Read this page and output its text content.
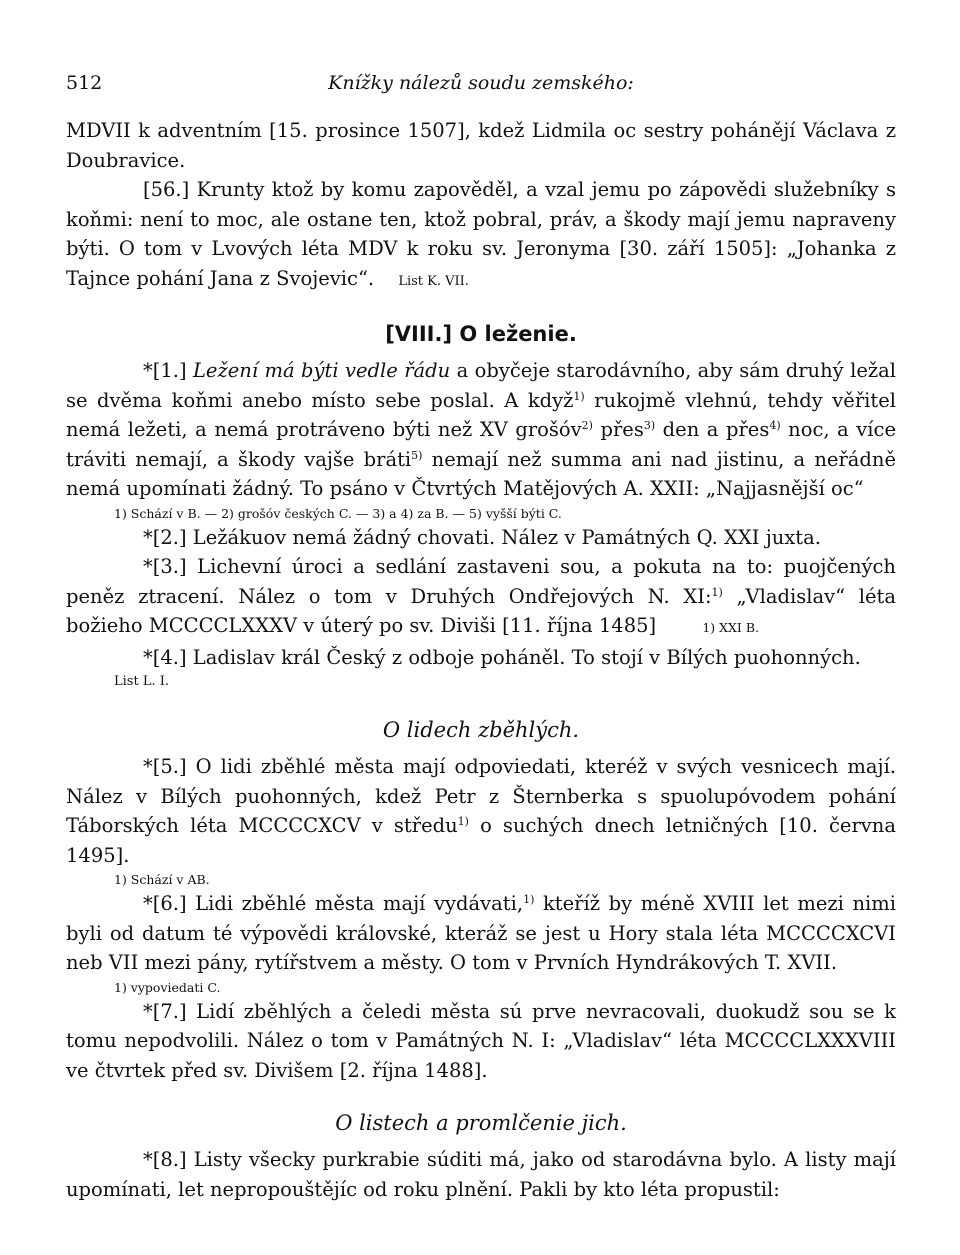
512	Knížky nálezů soudu zemského:

MDVII k adventním [15. prosince 1507], kdež Lidmila oc sestry pohánějí Václava z Doubravice.

[56.] Krunty ktož by komu zapověděl, a vzal jemu po zápovědi služebníky s koňmi: není to moc, ale ostane ten, ktož pobral, práv, a škody mají jemu napraveny býti. O tom v Lvových léta MDV k roku sv. Jeronyma [30. září 1505]: „Johanka z Tajnce pohání Jana z Svojevic“. List K. VII.

[VIII.] O leženie.

*[1.] Ležení má býti vedle řádu a obyčeje starodávního, aby sám druhý ležal se dvěma koňmi anebo místo sebe poslal. A když$^{1)}$ rukojmě vlehnú, tehdy věřitel nemá ležeti, a nemá protráveno býti než XV grošóv$^{2)}$ přes$^{3)}$ den a přes$^{4)}$ noc, a více tráviti nemají, a škody vajše bráti$^{5)}$ nemají než summa ani nad jistinu, a neřádně nemá upomínati žádný. To psáno v Čtvrtých Matějových A. XXII: „Najjasnější oc“

1) Schází v B. — 2) grošóv českých C. — 3) a 4) za B. — 5) vyšší býti C.

*[2.] Ležákuov nemá žádný chovati. Nález v Památných Q. XXI juxta.

*[3.] Lichevní úroci a sedlání zastaveni sou, a pokuta na to: puojčených peněz ztracení. Nález o tom v Druhých Ondřejových N. XI:$^{1)}$ „Vladislav“ léta božieho MCCCCLXXXV v úterý po sv. Diviši [11. října 1485]	1) XXI B.

*[4.] Ladislav král Český z odboje poháněl. To stojí v Bílých puohonných.

List L. I.

O lidech zběhlých.

*[5.] O lidi zběhlé města mají odpoviedati, kteréž v svých vesnicech mají. Nález v Bílých puohonných, kdež Petr z Šternberka s spuolupóvodem pohání Táborských léta MCCCCXCV v středu$^{1)}$ o suchých dnech letničných [10. června 1495].

1) Schází v AB.

*[6.] Lidi zběhlé města mají vydávati,$^{1)}$ kteříž by méně XVIII let mezi nimi byli od datum té výpovědi královské, kteráž se jest u Hory stala léta MCCCCXCVI neb VII mezi pány, rytířstvem a městy. O tom v Prvních Hyndrákových T. XVII.

1) vypoviedati C.

*[7.] Lidí zběhlých a čeledi města sú prve nevracovali, duokudž sou se k tomu nepodvolili. Nález o tom v Památných N. I: „Vladislav“ léta MCCCCLXXXVIII ve čtvrtek před sv. Divišem [2. října 1488].

O listech a promlčenie jich.

*[8.] Listy všecky purkrabie súditi má, jako od starodávna bylo. A listy mají upomínati, let nepropouštějíc od roku plnění. Pakli by kto léta propustil:
